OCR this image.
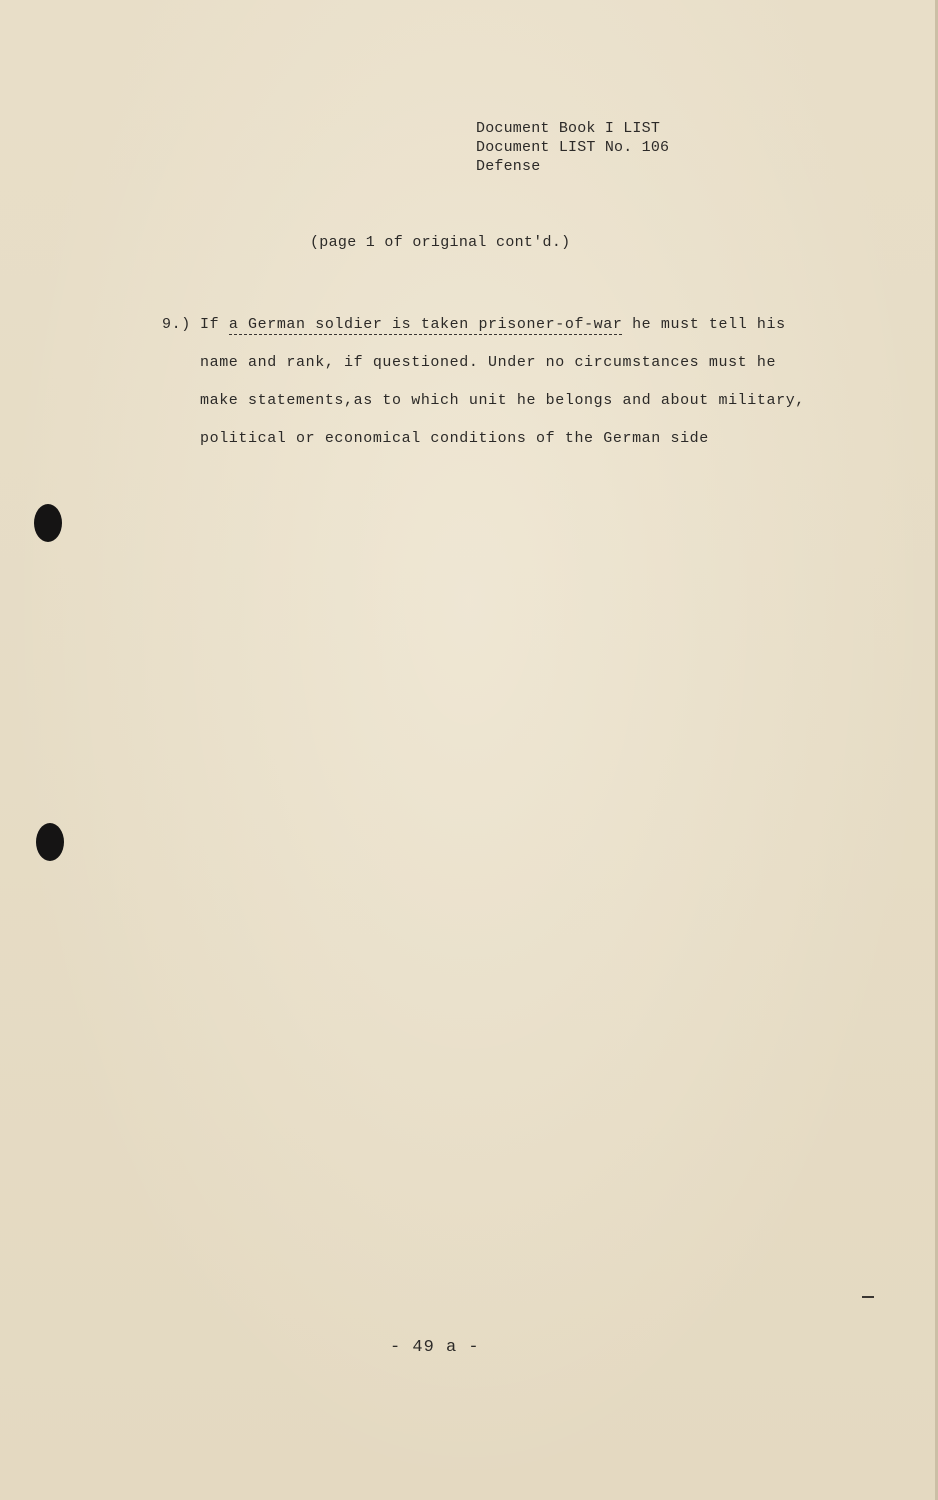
Document Book I LIST
Document LIST No. 106
Defense
(page 1 of original cont'd.)
9.) If a German soldier is taken prisoner-of-war he must tell his
name and rank, if questioned. Under no circumstances must he
make statements,as to which unit he belongs and about military,
political or economical conditions of the German side
- 49 a -
